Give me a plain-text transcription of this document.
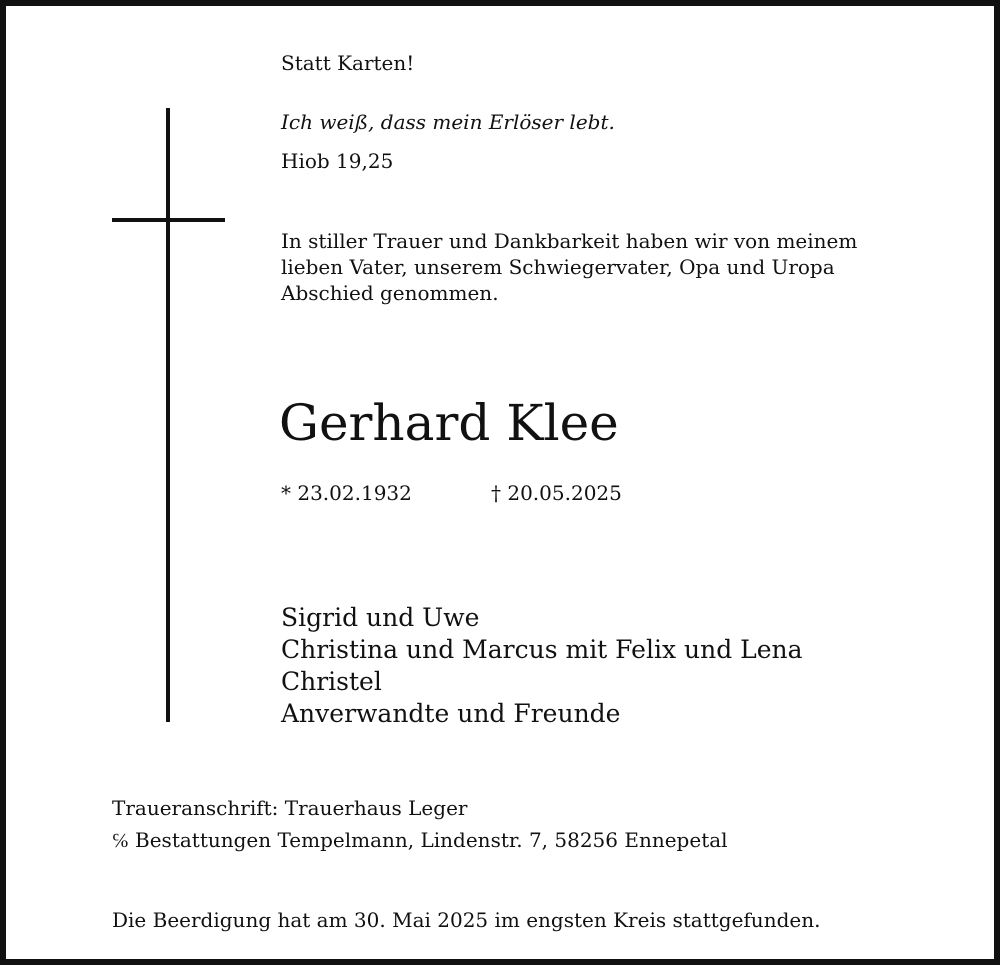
Statt Karten!
Ich weiß, dass mein Erlöser lebt.
Hiob 19,25
In stiller Trauer und Dankbarkeit haben wir von meinem
lieben Vater, unserem Schwiegervater, Opa und Uropa
Abschied genommen.
Gerhard Klee
* 23.02.1932	† 20.05.2025
Sigrid und Uwe
Christina und Marcus mit Felix und Lena
Christel
Anverwandte und Freunde
Traueranschrift: Trauerhaus Leger
℅ Bestattungen Tempelmann, Lindenstr. 7, 58256 Ennepetal
Die Beerdigung hat am 30. Mai 2025 im engsten Kreis stattgefunden.
